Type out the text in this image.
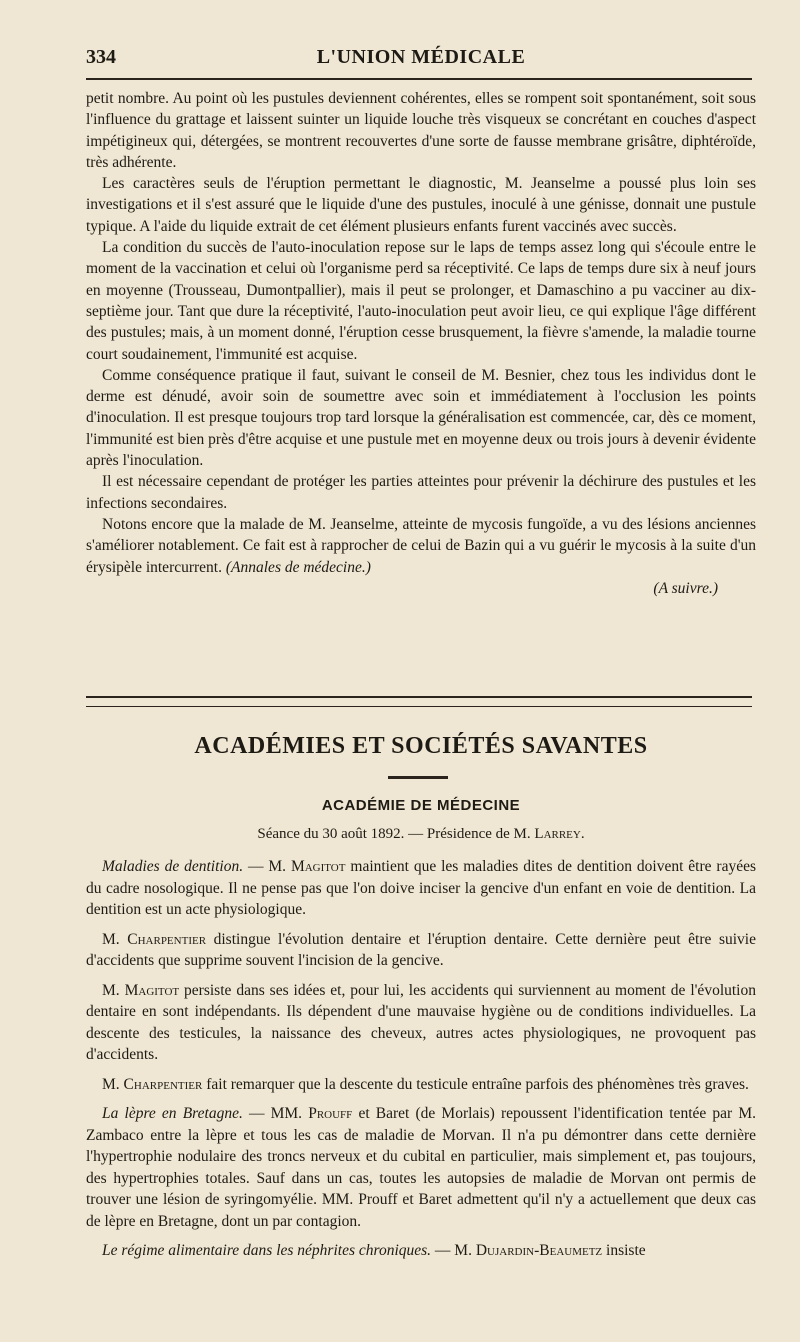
334	L'UNION MÉDICALE

petit nombre. Au point où les pustules deviennent cohérentes, elles se rompent soit spontanément, soit sous l'influence du grattage et laissent suinter un liquide louche très visqueux se concrétant en couches d'aspect impétigineux qui, détergées, se montrent recouvertes d'une sorte de fausse membrane grisâtre, diphtéroïde, très adhérente.

Les caractères seuls de l'éruption permettant le diagnostic, M. Jeanselme a poussé plus loin ses investigations et il s'est assuré que le liquide d'une des pustules, inoculé à une génisse, donnait une pustule typique. A l'aide du liquide extrait de cet élément plusieurs enfants furent vaccinés avec succès.

La condition du succès de l'auto-inoculation repose sur le laps de temps assez long qui s'écoule entre le moment de la vaccination et celui où l'organisme perd sa réceptivité. Ce laps de temps dure six à neuf jours en moyenne (Trousseau, Dumontpallier), mais il peut se prolonger, et Damaschino a pu vacciner au dix-septième jour. Tant que dure la réceptivité, l'auto-inoculation peut avoir lieu, ce qui explique l'âge différent des pustules; mais, à un moment donné, l'éruption cesse brusquement, la fièvre s'amende, la maladie tourne court soudainement, l'immunité est acquise.

Comme conséquence pratique il faut, suivant le conseil de M. Besnier, chez tous les individus dont le derme est dénudé, avoir soin de soumettre avec soin et immédiatement à l'occlusion les points d'inoculation. Il est presque toujours trop tard lorsque la généralisation est commencée, car, dès ce moment, l'immunité est bien près d'être acquise et une pustule met en moyenne deux ou trois jours à devenir évidente après l'inoculation.

Il est nécessaire cependant de protéger les parties atteintes pour prévenir la déchirure des pustules et les infections secondaires.

Notons encore que la malade de M. Jeanselme, atteinte de mycosis fungoïde, a vu des lésions anciennes s'améliorer notablement. Ce fait est à rapprocher de celui de Bazin qui a vu guérir le mycosis à la suite d'un érysipèle intercurrent. (Annales de médecine.)

(A suivre.)
ACADÉMIES ET SOCIÉTÉS SAVANTES
ACADÉMIE DE MÉDECINE
Séance du 30 août 1892. — Présidence de M. Larrey.

Maladies de dentition. — M. Magitot maintient que les maladies dites de dentition doivent être rayées du cadre nosologique. Il ne pense pas que l'on doive inciser la gencive d'un enfant en voie de dentition. La dentition est un acte physiologique.

M. Charpentier distingue l'évolution dentaire et l'éruption dentaire. Cette dernière peut être suivie d'accidents que supprime souvent l'incision de la gencive.

M. Magitot persiste dans ses idées et, pour lui, les accidents qui surviennent au moment de l'évolution dentaire en sont indépendants. Ils dépendent d'une mauvaise hygiène ou de conditions individuelles. La descente des testicules, la naissance des cheveux, autres actes physiologiques, ne provoquent pas d'accidents.

M. Charpentier fait remarquer que la descente du testicule entraîne parfois des phénomènes très graves.

La lèpre en Bretagne. — MM. Prouff et Baret (de Morlais) repoussent l'identification tentée par M. Zambaco entre la lèpre et tous les cas de maladie de Morvan. Il n'a pu démontrer dans cette dernière l'hypertrophie nodulaire des troncs nerveux et du cubital en particulier, mais simplement et, pas toujours, des hypertrophies totales. Sauf dans un cas, toutes les autopsies de maladie de Morvan ont permis de trouver une lésion de syringomyélie. MM. Prouff et Baret admettent qu'il n'y a actuellement que deux cas de lèpre en Bretagne, dont un par contagion.

Le régime alimentaire dans les néphrites chroniques. — M. Dujardin-Beaumetz insiste
